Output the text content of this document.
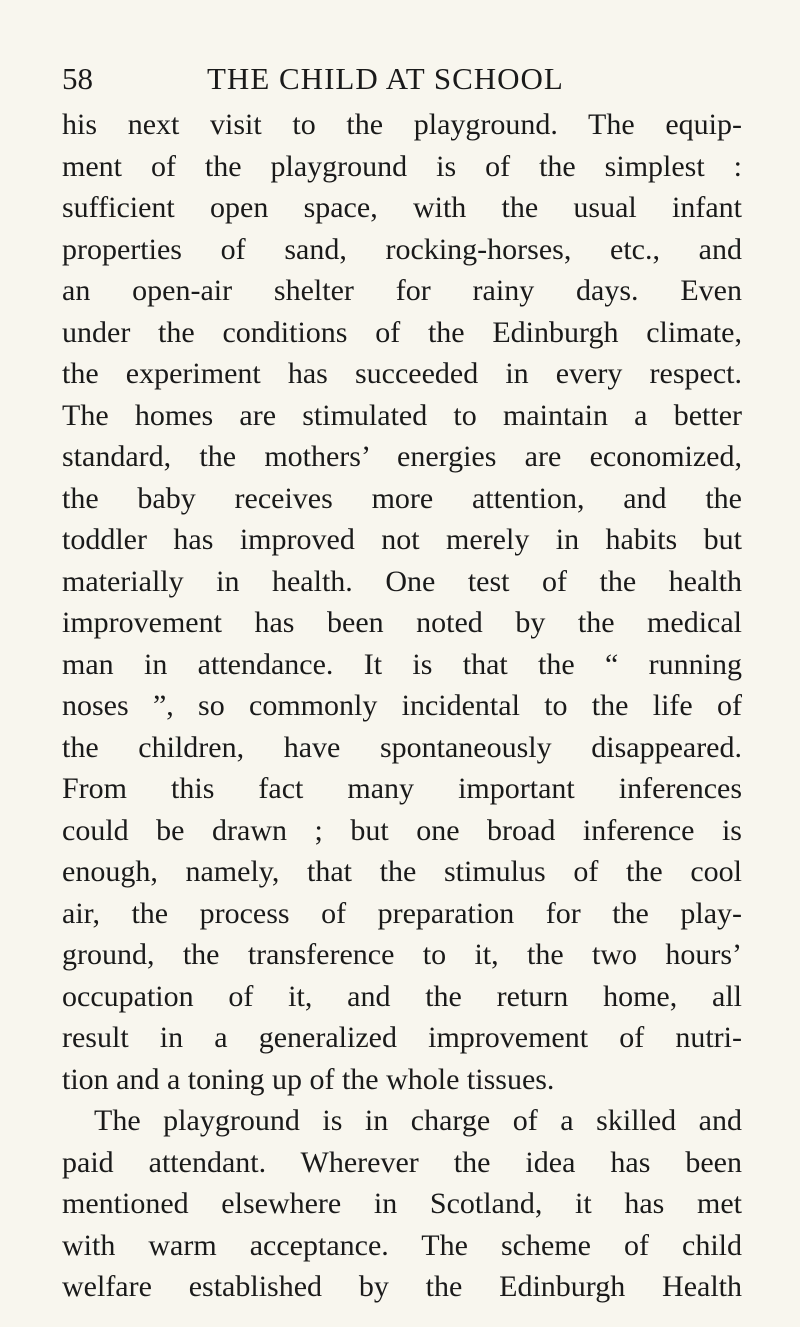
58	THE CHILD AT SCHOOL
his next visit to the playground. The equip-
ment of the playground is of the simplest :
sufficient open space, with the usual infant
properties of sand, rocking-horses, etc., and
an open-air shelter for rainy days. Even
under the conditions of the Edinburgh climate,
the experiment has succeeded in every respect.
The homes are stimulated to maintain a better
standard, the mothers’ energies are economized,
the baby receives more attention, and the
toddler has improved not merely in habits but
materially in health. One test of the health
improvement has been noted by the medical
man in attendance. It is that the “ running
noses ”, so commonly incidental to the life of
the children, have spontaneously disappeared.
From this fact many important inferences
could be drawn ; but one broad inference is
enough, namely, that the stimulus of the cool
air, the process of preparation for the play-
ground, the transference to it, the two hours’
occupation of it, and the return home, all
result in a generalized improvement of nutri-
tion and a toning up of the whole tissues.
The playground is in charge of a skilled and
paid attendant. Wherever the idea has been
mentioned elsewhere in Scotland, it has met
with warm acceptance. The scheme of child
welfare established by the Edinburgh Health
